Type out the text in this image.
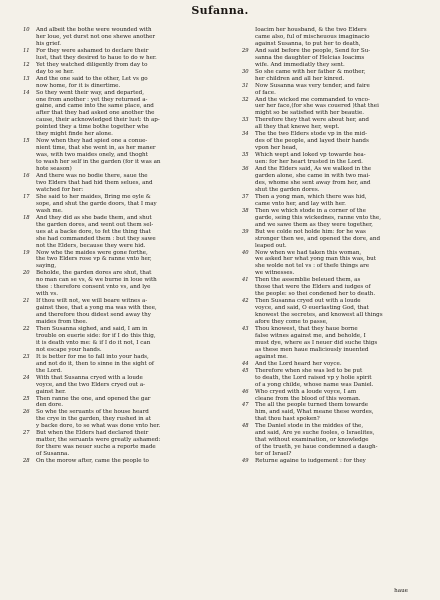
Sufanna.
10	And albeit the bothe were wounded with
her loue, yet durst not one shewe another
his grief.
11	For they were ashamed to declare their
lust, that they desired to haue to do w her.
12	Yet they watched diligently from day to
day to se her.
13	And the one said to the other, Let vs go
now home, for it is dinertime.
14	So they went their way, and departed,
one from another : yet they returned a-
gaine, and came into the same place, and
after that they had asked one another the
cause, their acknowledged their lust: th ap-
pointed they a time bothe together whe
they might finde her alone.
15	Now when they had spied one a conue-
nient time, that she went in, as her maner
was, with two maides onely, and thoght
to wash her self in the garden (for it was an
hote season)
16	And there was no bodie there, saue the
two Elders that had hid them selues, and
watched for her:
17	She said to her maides, Bring me oyle &
sope, and shut the garde doors, that I may
wash me.
18	And they did as she bade them, and shut
the garden dores, and went out them sel-
ues at a backe dore, to fet the thing that
she had commanded them : but they sawe
not the Elders, because they were hid.
19	Now whe the maides were gone forthe,
the two Elders rose vp & ranne vnto her,
saying,
20	Beholde, the garden dores are shut, that
no man can se vs, & we burne in loue with
thee : therefore consent vnto vs, and lye
with vs.
21	If thou wilt not, we will beare witnes a-
gainst thee, that a yong ma was with thee,
and therefore thou didest send away thy
maides from thee.
22	Then Susanna sighed, and said, I am in
trouble on euerie side: for if I do this thig,
it is death vnto me: & if I do it not, I can
not escape your hands.
23	It is better for me to fall into your hads,
and not do it, then to sinne in the sight of
the Lord.
24	With that Susanna cryed with a loude
voyce, and the two Elders cryed out a-
gainst her.
25	Then ranne the one, and opened the gar
den dore.
26	So whe the seruants of the house heard
the crye in the garden, they rushed in at
y backe dore, to se what was done vnto her.
27	But when the Elders had declared their
matter, the seruants were greatly ashamed:
for there was neuer suche a reporte made
of Susanna.
28	On the morow after, came the people to
Ioacim her housband, & the two Elders
came also, ful of mischeuous imaginacio
against Susanna, to put her to death,
29	And said before the people, Send for Su-
sanna the daughter of Helcias Ioacims
wife. And immediatly they sent.
30	So she came with her father & mother,
her children and all her kinred.
31	Now Susanna was very tender, and faire
of face.
32	And the wicked me commanded to vnco-
uer her face,(for she was couered )that thei
might so be satisfied with her beautie.
33	Therefore they that were about her, and
all they that knewe her, wept.
34	The the two Elders stode vp in the mid-
des of the people, and layed their hands
vpon her head,
35	Which wept and loked vp towarde hea-
uen: for her heart trusted in the Lord.
36	And the Elders said, As we walked in the
garden alone, she came in with two mai-
des, whome she sent away from her, and
shut the garden dores.
37	Then a yong man, which there was hid,
came vnto her, and lay with her.
38	Then we which stode in a corner of the
garde, seing this wickednes, ranne vnto the,
and we sawe them as they were together,
39	But we colde not holde him: for he was
stronger then we, and opened the dore, and
leaped out.
40	Now when we had taken this woman,
we asked her what yong man this was, but
she wolde not tel vs : of thefe things are
we witnesses.
41	Then the assemblie beleued them, as
those that were the Elders and iudges of
the people: so thei condened her to death.
42	Then Susanna cryed out with a loude
voyce, and said, O euerlasting God, that
knowest the secretes, and knowest all things
afore they come to passe,
43	Thou knowest, that they haue borne
false witnes against me, and beholde, I
must dye, where as I neuer did suche thigs
as these men haue maliciously inuented
against me.
44	And the Lord heard her voyce.
45	Therefore when she was led to be put
to death, the Lord raised vp y holie spirit
of a yong childe, whose name was Daniel.
46	Who cryed with a loude voyce, I am
cleane from the blood of this woman.
47	The all the people turned them towarde
him, and said, What meane these wordes,
that thou hast spoken?
48	The Daniel stode in the middes of the,
and said, Are ye suche fooles, o Israelites,
that without examination, or knowledge
of the trueth, ye haue condemned a daugh-
ter of Israel?
49	Returne againe to iudgement : for they
haue
